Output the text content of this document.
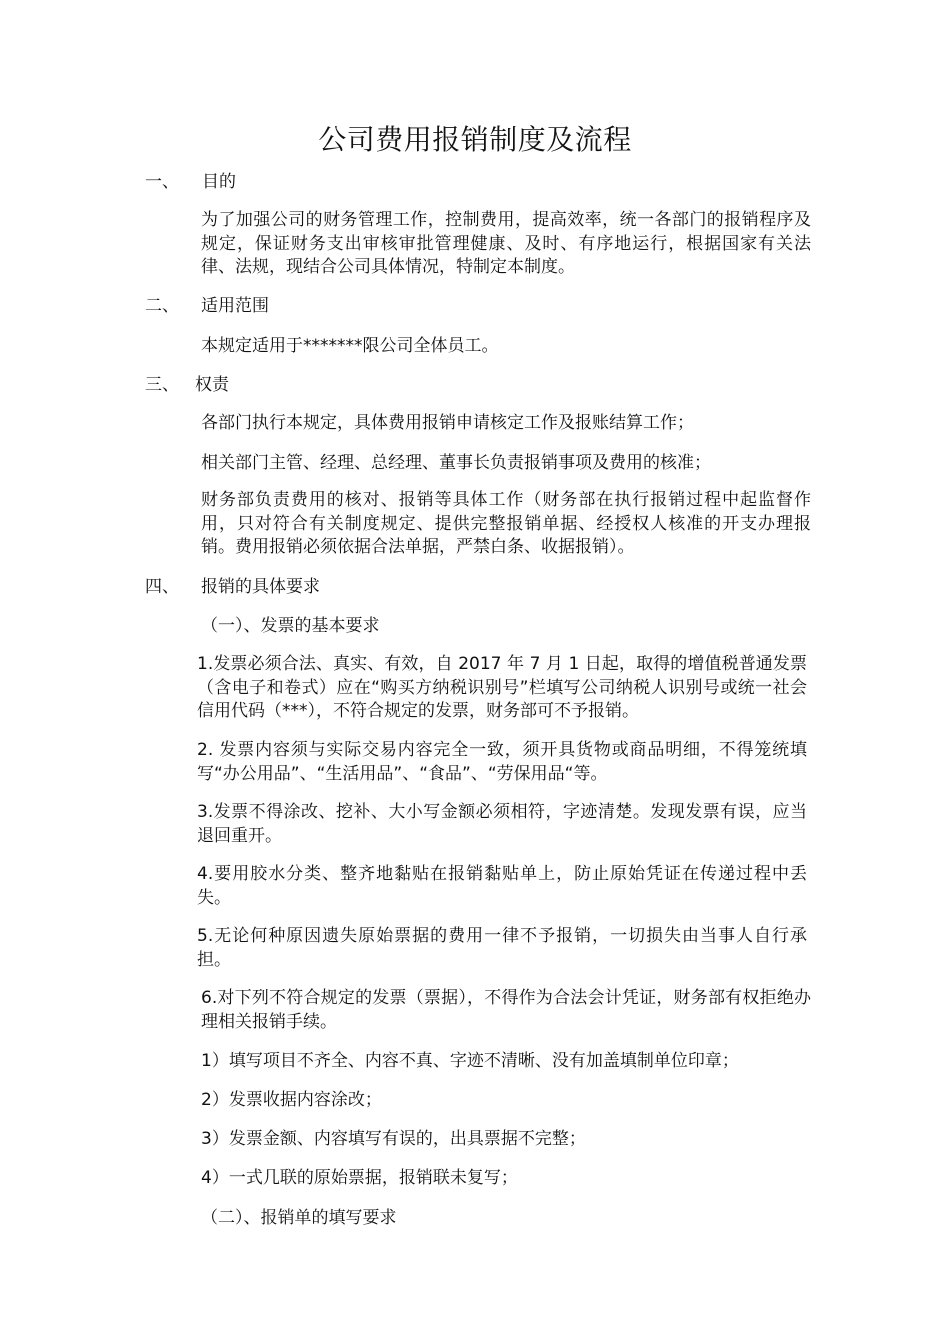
公司费用报销制度及流程
一、 目的
为了加强公司的财务管理工作，控制费用，提高效率，统一各部门的报销程序及规定，保证财务支出审核审批管理健康、及时、有序地运行，根据国家有关法律、法规，现结合公司具体情况，特制定本制度。
二、 适用范围
本规定适用于*******限公司全体员工。
三、 权责
各部门执行本规定，具体费用报销申请核定工作及报账结算工作；
相关部门主管、经理、总经理、董事长负责报销事项及费用的核准；
财务部负责费用的核对、报销等具体工作（财务部在执行报销过程中起监督作用，只对符合有关制度规定、提供完整报销单据、经授权人核准的开支办理报销。费用报销必须依据合法单据，严禁白条、收据报销）。
四、 报销的具体要求
（一）、发票的基本要求
1.发票必须合法、真实、有效，自 2017 年 7 月 1 日起，取得的增值税普通发票（含电子和卷式）应在“购买方纳税识别号”栏填写公司纳税人识别号或统一社会信用代码（***），不符合规定的发票，财务部可不予报销。
2. 发票内容须与实际交易内容完全一致，须开具货物或商品明细，不得笼统填写“办公用品”、“生活用品”、“食品”、“劳保用品“等。
3.发票不得涂改、挖补、大小写金额必须相符，字迹清楚。发现发票有误，应当退回重开。
4.要用胶水分类、整齐地黏贴在报销黏贴单上，防止原始凭证在传递过程中丢失。
5.无论何种原因遗失原始票据的费用一律不予报销，一切损失由当事人自行承担。
6.对下列不符合规定的发票（票据），不得作为合法会计凭证，财务部有权拒绝办理相关报销手续。
1）填写项目不齐全、内容不真、字迹不清晰、没有加盖填制单位印章；
2）发票收据内容涂改；
3）发票金额、内容填写有误的，出具票据不完整；
4）一式几联的原始票据，报销联未复写；
（二）、报销单的填写要求
